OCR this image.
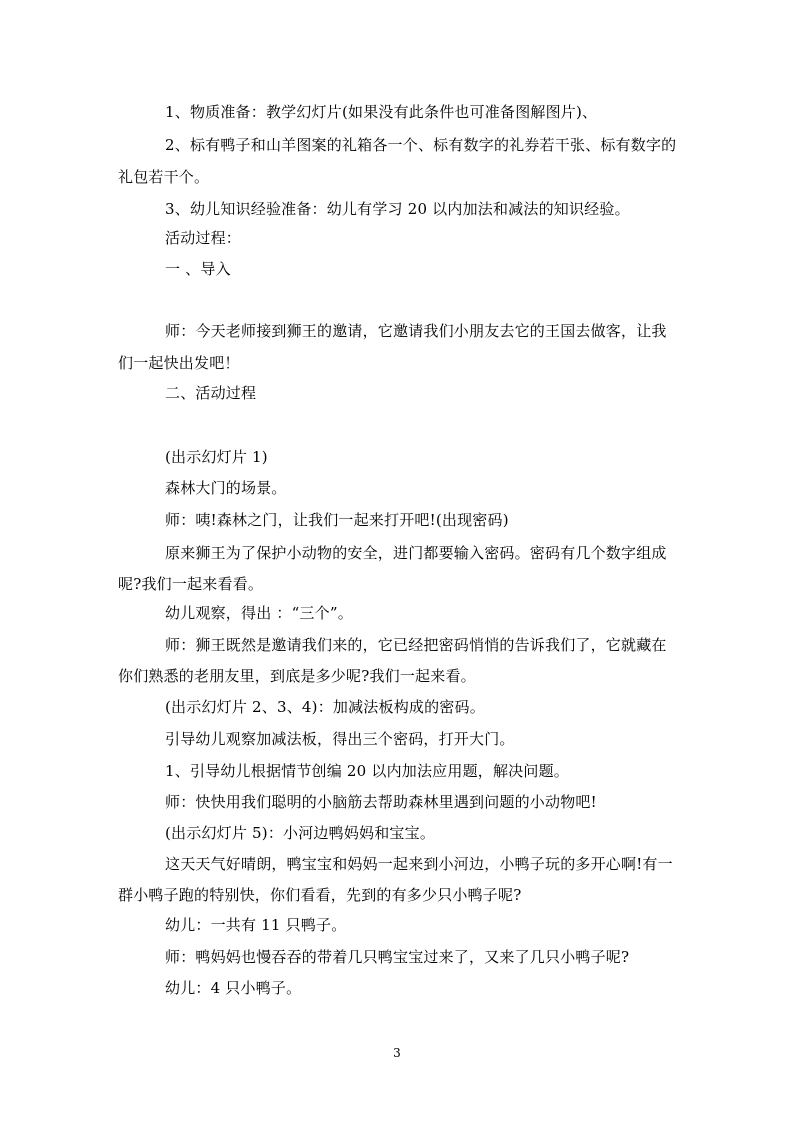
1、物质准备：教学幻灯片(如果没有此条件也可准备图解图片)、
2、标有鸭子和山羊图案的礼箱各一个、标有数字的礼券若干张、标有数字的
礼包若干个。
3、幼儿知识经验准备：幼儿有学习 20 以内加法和减法的知识经验。
活动过程：
一 、导入
师：今天老师接到狮王的邀请，它邀请我们小朋友去它的王国去做客，让我
们一起快出发吧！
二、活动过程
(出示幻灯片 1)
森林大门的场景。
师：咦!森林之门，让我们一起来打开吧!(出现密码)
原来狮王为了保护小动物的安全，进门都要输入密码。密码有几个数字组成
呢?我们一起来看看。
幼儿观察，得出 ：“三个”。
师：狮王既然是邀请我们来的，它已经把密码悄悄的告诉我们了，它就藏在
你们熟悉的老朋友里，到底是多少呢?我们一起来看。
(出示幻灯片 2、3、4)：加减法板构成的密码。
引导幼儿观察加减法板，得出三个密码，打开大门。
1、引导幼儿根据情节创编 20 以内加法应用题，解决问题。
师：快快用我们聪明的小脑筋去帮助森林里遇到问题的小动物吧!
(出示幻灯片 5)：小河边鸭妈妈和宝宝。
这天天气好晴朗，鸭宝宝和妈妈一起来到小河边，小鸭子玩的多开心啊!有一
群小鸭子跑的特别快，你们看看，先到的有多少只小鸭子呢?
幼儿：一共有 11 只鸭子。
师：鸭妈妈也慢吞吞的带着几只鸭宝宝过来了，又来了几只小鸭子呢?
幼儿：4 只小鸭子。
3
